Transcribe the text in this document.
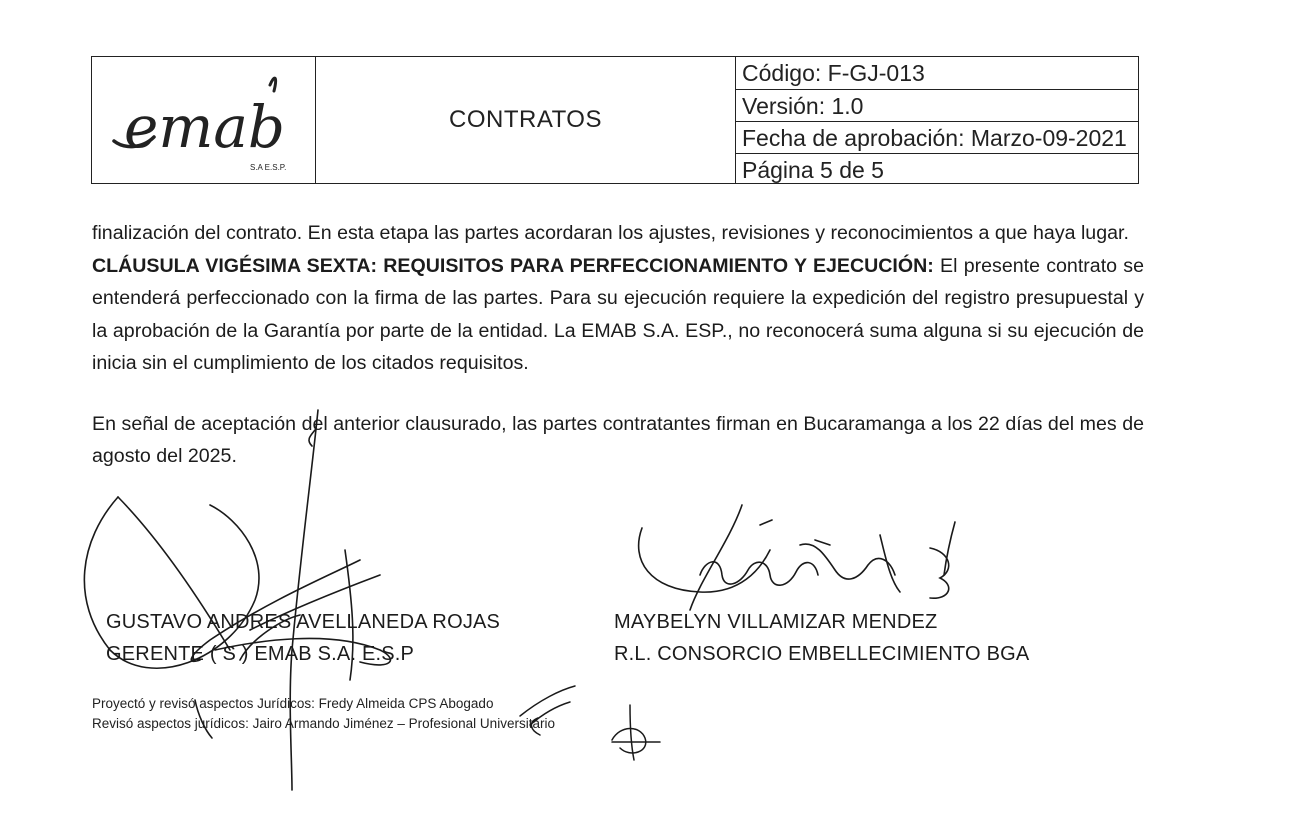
emab
S.A E.S.P.
CONTRATOS
Código: F-GJ-013
Versión: 1.0
Fecha de aprobación: Marzo-09-2021
Página 5 de 5

finalización del contrato. En esta etapa las partes acordaran los ajustes, revisiones y reconocimientos a que haya lugar.

CLÁUSULA VIGÉSIMA SEXTA: REQUISITOS PARA PERFECCIONAMIENTO Y EJECUCIÓN: El presente contrato se entenderá perfeccionado con la firma de las partes. Para su ejecución requiere la expedición del registro presupuestal y la aprobación de la Garantía por parte de la entidad. La EMAB S.A. ESP., no reconocerá suma alguna si su ejecución de inicia sin el cumplimiento de los citados requisitos.

En señal de aceptación del anterior clausurado, las partes contratantes firman en Bucaramanga a los 22 días del mes de agosto del 2025.

GUSTAVO ANDRES AVELLANEDA ROJAS
GERENTE ( S ) EMAB S.A. E.S.P
MAYBELYN VILLAMIZAR MENDEZ
R.L. CONSORCIO EMBELLECIMIENTO BGA
Proyectó y revisó aspectos Jurídicos: Fredy Almeida CPS Abogado
Revisó aspectos jurídicos: Jairo Armando Jiménez – Profesional Universitario
